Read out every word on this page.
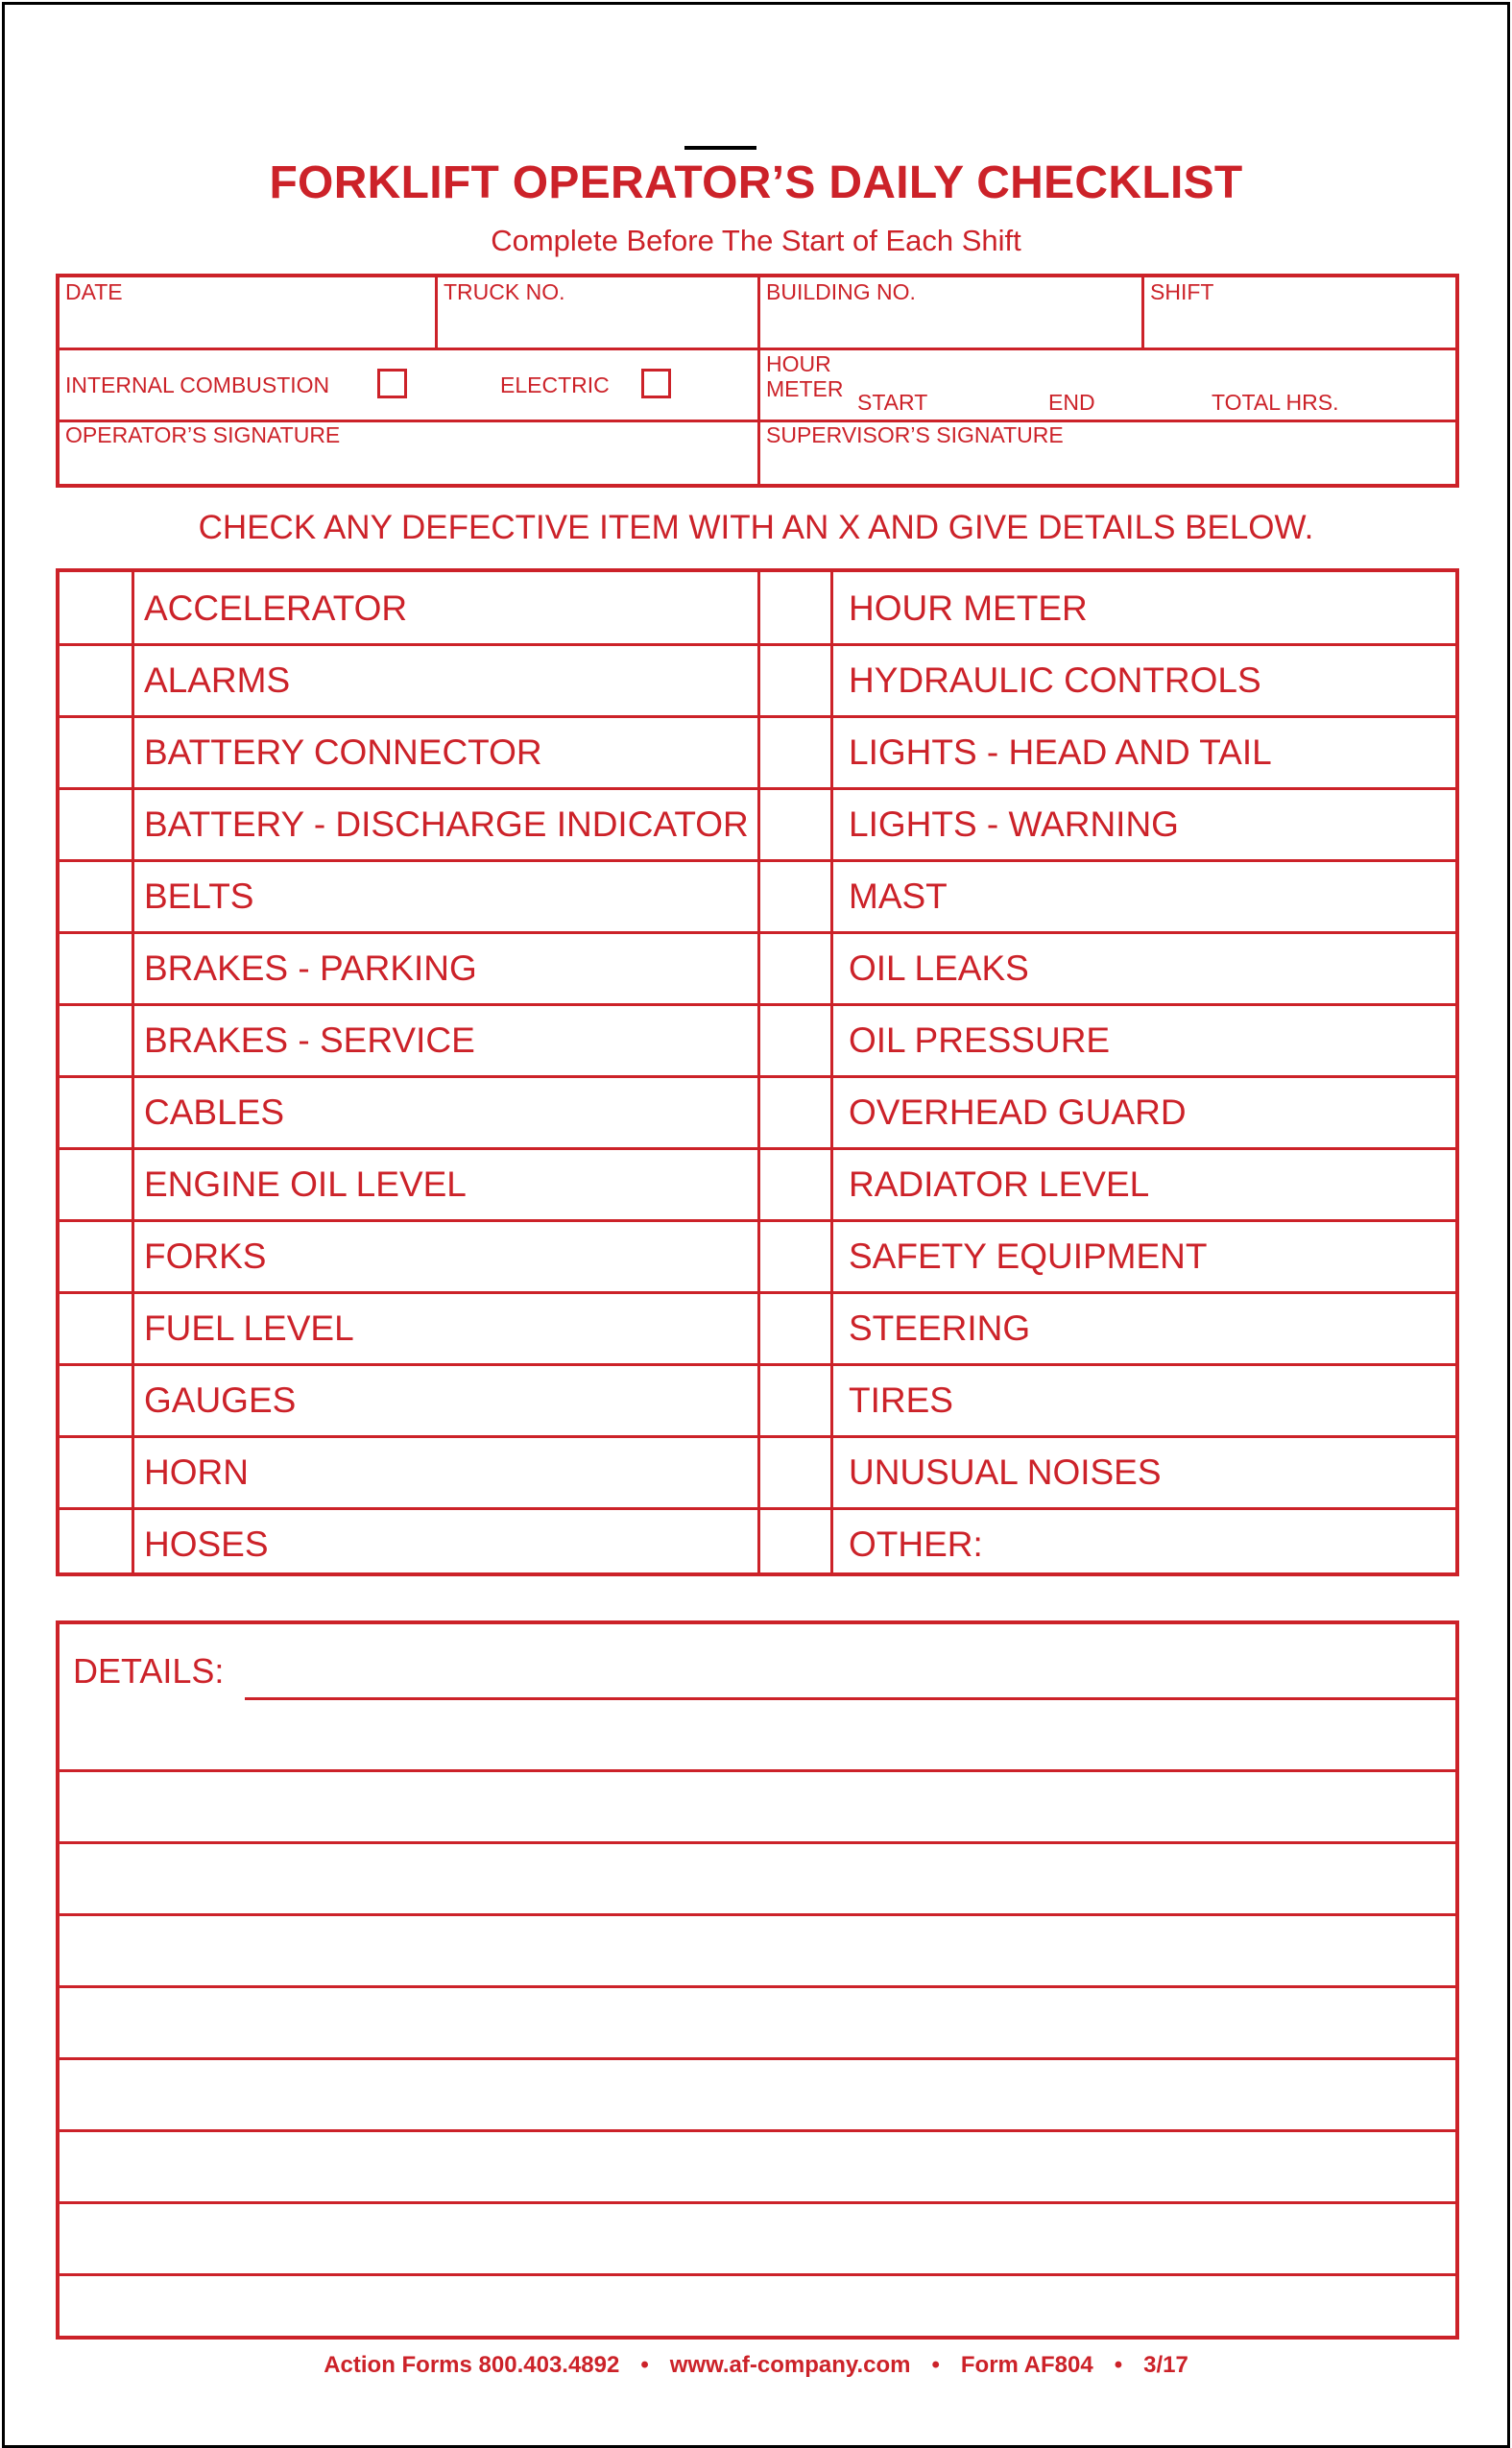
FORKLIFT OPERATOR’S DAILY CHECKLIST
Complete Before The Start of Each Shift
DATE	TRUCK NO.	BUILDING NO.	SHIFT
INTERNAL COMBUSTION	ELECTRIC
HOUR
METER
START	END	TOTAL HRS.
OPERATOR’S SIGNATURE	SUPERVISOR’S SIGNATURE
CHECK ANY DEFECTIVE ITEM WITH AN X AND GIVE DETAILS BELOW.
ACCELERATOR	HOUR METER
ALARMS	HYDRAULIC CONTROLS
BATTERY CONNECTOR	LIGHTS - HEAD AND TAIL
BATTERY - DISCHARGE INDICATOR	LIGHTS - WARNING
BELTS	MAST
BRAKES - PARKING	OIL LEAKS
BRAKES - SERVICE	OIL PRESSURE
CABLES	OVERHEAD GUARD
ENGINE OIL LEVEL	RADIATOR LEVEL
FORKS	SAFETY EQUIPMENT
FUEL LEVEL	STEERING
GAUGES	TIRES
HORN	UNUSUAL NOISES
HOSES	OTHER:
DETAILS:
Action Forms 800.403.4892 • www.af-company.com • Form AF804 • 3/17
